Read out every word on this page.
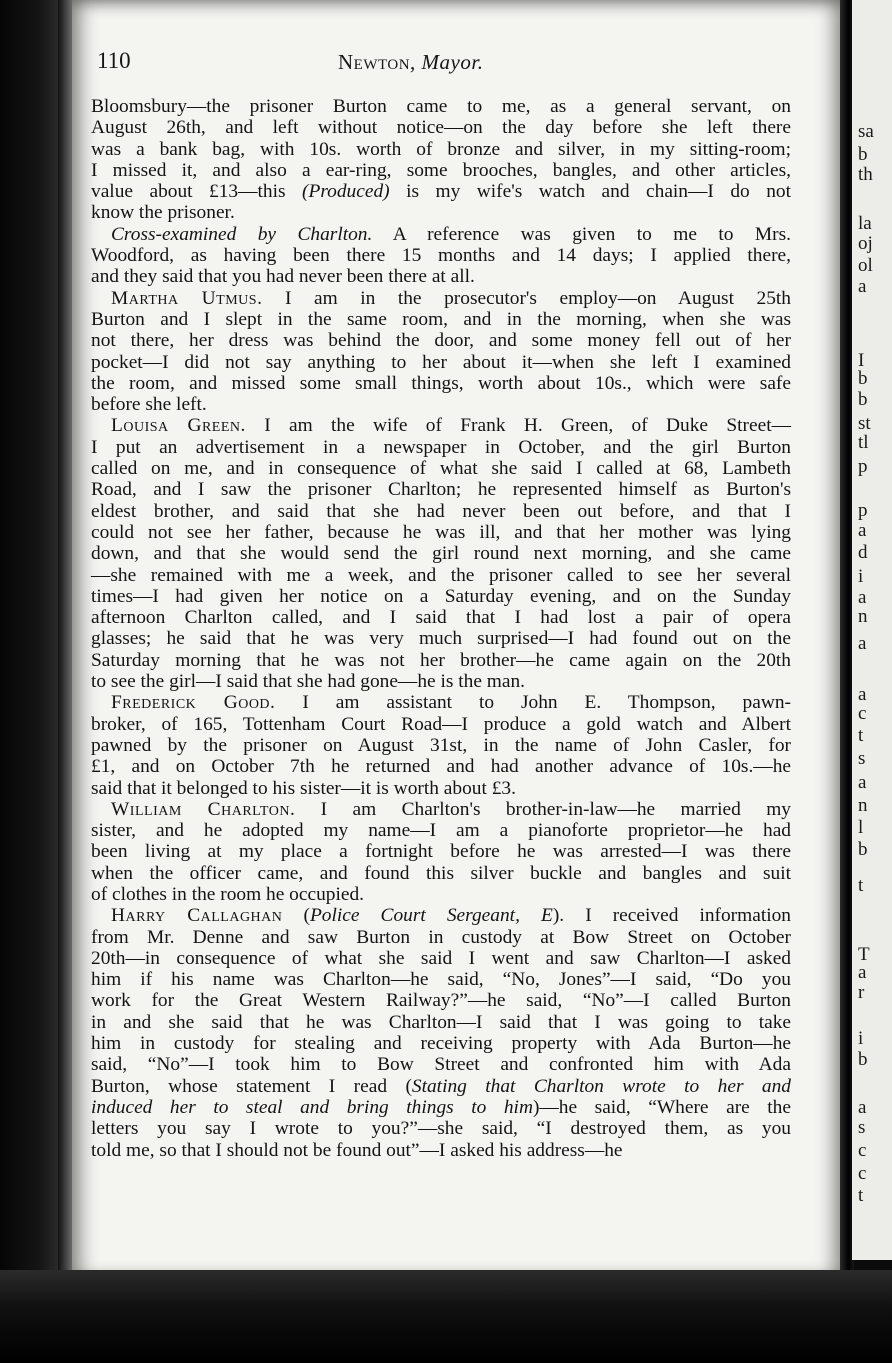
110	Newton, Mayor.
Bloomsbury—the prisoner Burton came to me, as a general servant, on
August 26th, and left without notice—on the day before she left there
was a bank bag, with 10s. worth of bronze and silver, in my sitting-room;
I missed it, and also a ear-ring, some brooches, bangles, and other articles,
value about £13—this (Produced) is my wife's watch and chain—I do not
know the prisoner.
Cross-examined by Charlton. A reference was given to me to Mrs.
Woodford, as having been there 15 months and 14 days; I applied there,
and they said that you had never been there at all.
Martha Utmus. I am in the prosecutor's employ—on August 25th
Burton and I slept in the same room, and in the morning, when she was
not there, her dress was behind the door, and some money fell out of her
pocket—I did not say anything to her about it—when she left I examined
the room, and missed some small things, worth about 10s., which were safe
before she left.
Louisa Green. I am the wife of Frank H. Green, of Duke Street—
I put an advertisement in a newspaper in October, and the girl Burton
called on me, and in consequence of what she said I called at 68, Lambeth
Road, and I saw the prisoner Charlton; he represented himself as Burton's
eldest brother, and said that she had never been out before, and that I
could not see her father, because he was ill, and that her mother was lying
down, and that she would send the girl round next morning, and she came
—she remained with me a week, and the prisoner called to see her several
times—I had given her notice on a Saturday evening, and on the Sunday
afternoon Charlton called, and I said that I had lost a pair of opera
glasses; he said that he was very much surprised—I had found out on the
Saturday morning that he was not her brother—he came again on the 20th
to see the girl—I said that she had gone—he is the man.
Frederick Good. I am assistant to John E. Thompson, pawn-
broker, of 165, Tottenham Court Road—I produce a gold watch and Albert
pawned by the prisoner on August 31st, in the name of John Casler, for
£1, and on October 7th he returned and had another advance of 10s.—he
said that it belonged to his sister—it is worth about £3.
William Charlton. I am Charlton's brother-in-law—he married my
sister, and he adopted my name—I am a pianoforte proprietor—he had
been living at my place a fortnight before he was arrested—I was there
when the officer came, and found this silver buckle and bangles and suit
of clothes in the room he occupied.
Harry Callaghan (Police Court Sergeant, E). I received information
from Mr. Denne and saw Burton in custody at Bow Street on October
20th—in consequence of what she said I went and saw Charlton—I asked
him if his name was Charlton—he said, “No, Jones”—I said, “Do you
work for the Great Western Railway?”—he said, “No”—I called Burton
in and she said that he was Charlton—I said that I was going to take
him in custody for stealing and receiving property with Ada Burton—he
said, “No”—I took him to Bow Street and confronted him with Ada
Burton, whose statement I read (Stating that Charlton wrote to her and
induced her to steal and bring things to him)—he said, “Where are the
letters you say I wrote to you?”—she said, “I destroyed them, as you
told me, so that I should not be found out”—I asked his address—he
sa
b
th
la
oj
ol
a
I
b
b
st
tl
p
p
a
d
i
a
n
a
a
c
t
s
a
n
l
b
t
T
a
r
i
b
a
s
c
c
t
